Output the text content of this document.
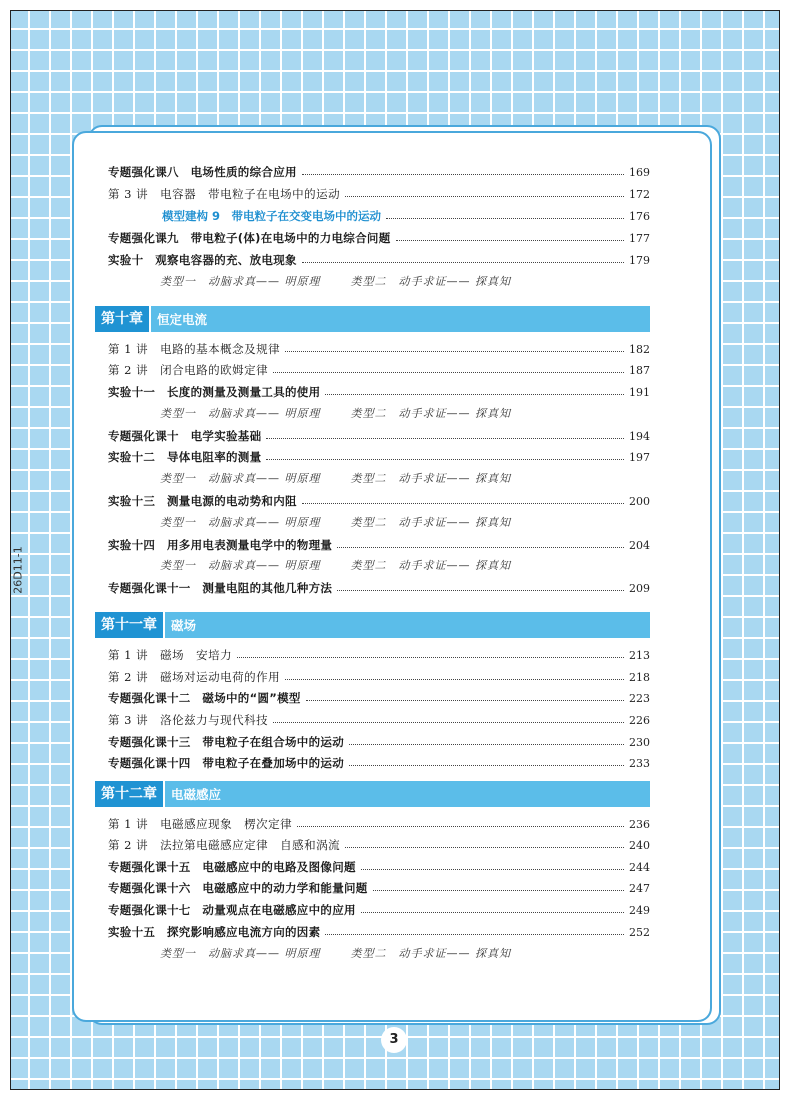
26D11-1
专题强化课八　电场性质的综合应用	169
第 3 讲　电容器　带电粒子在电场中的运动	172
模型建构 9　带电粒子在交变电场中的运动	176
专题强化课九　带电粒子(体)在电场中的力电综合问题	177
实验十　观察电容器的充、放电现象	179
类型一　动脑求真—— 明原理	类型二　动手求证—— 探真知
第十章	恒定电流
第 1 讲　电路的基本概念及规律	182
第 2 讲　闭合电路的欧姆定律	187
实验十一　长度的测量及测量工具的使用	191
类型一　动脑求真—— 明原理	类型二　动手求证—— 探真知
专题强化课十　电学实验基础	194
实验十二　导体电阻率的测量	197
类型一　动脑求真—— 明原理	类型二　动手求证—— 探真知
实验十三　测量电源的电动势和内阻	200
类型一　动脑求真—— 明原理	类型二　动手求证—— 探真知
实验十四　用多用电表测量电学中的物理量	204
类型一　动脑求真—— 明原理	类型二　动手求证—— 探真知
专题强化课十一　测量电阻的其他几种方法	209
第十一章	磁场
第 1 讲　磁场　安培力	213
第 2 讲　磁场对运动电荷的作用	218
专题强化课十二　磁场中的“圆”模型	223
第 3 讲　洛伦兹力与现代科技	226
专题强化课十三　带电粒子在组合场中的运动	230
专题强化课十四　带电粒子在叠加场中的运动	233
第十二章	电磁感应
第 1 讲　电磁感应现象　楞次定律	236
第 2 讲　法拉第电磁感应定律　自感和涡流	240
专题强化课十五　电磁感应中的电路及图像问题	244
专题强化课十六　电磁感应中的动力学和能量问题	247
专题强化课十七　动量观点在电磁感应中的应用	249
实验十五　探究影响感应电流方向的因素	252
类型一　动脑求真—— 明原理	类型二　动手求证—— 探真知
3
